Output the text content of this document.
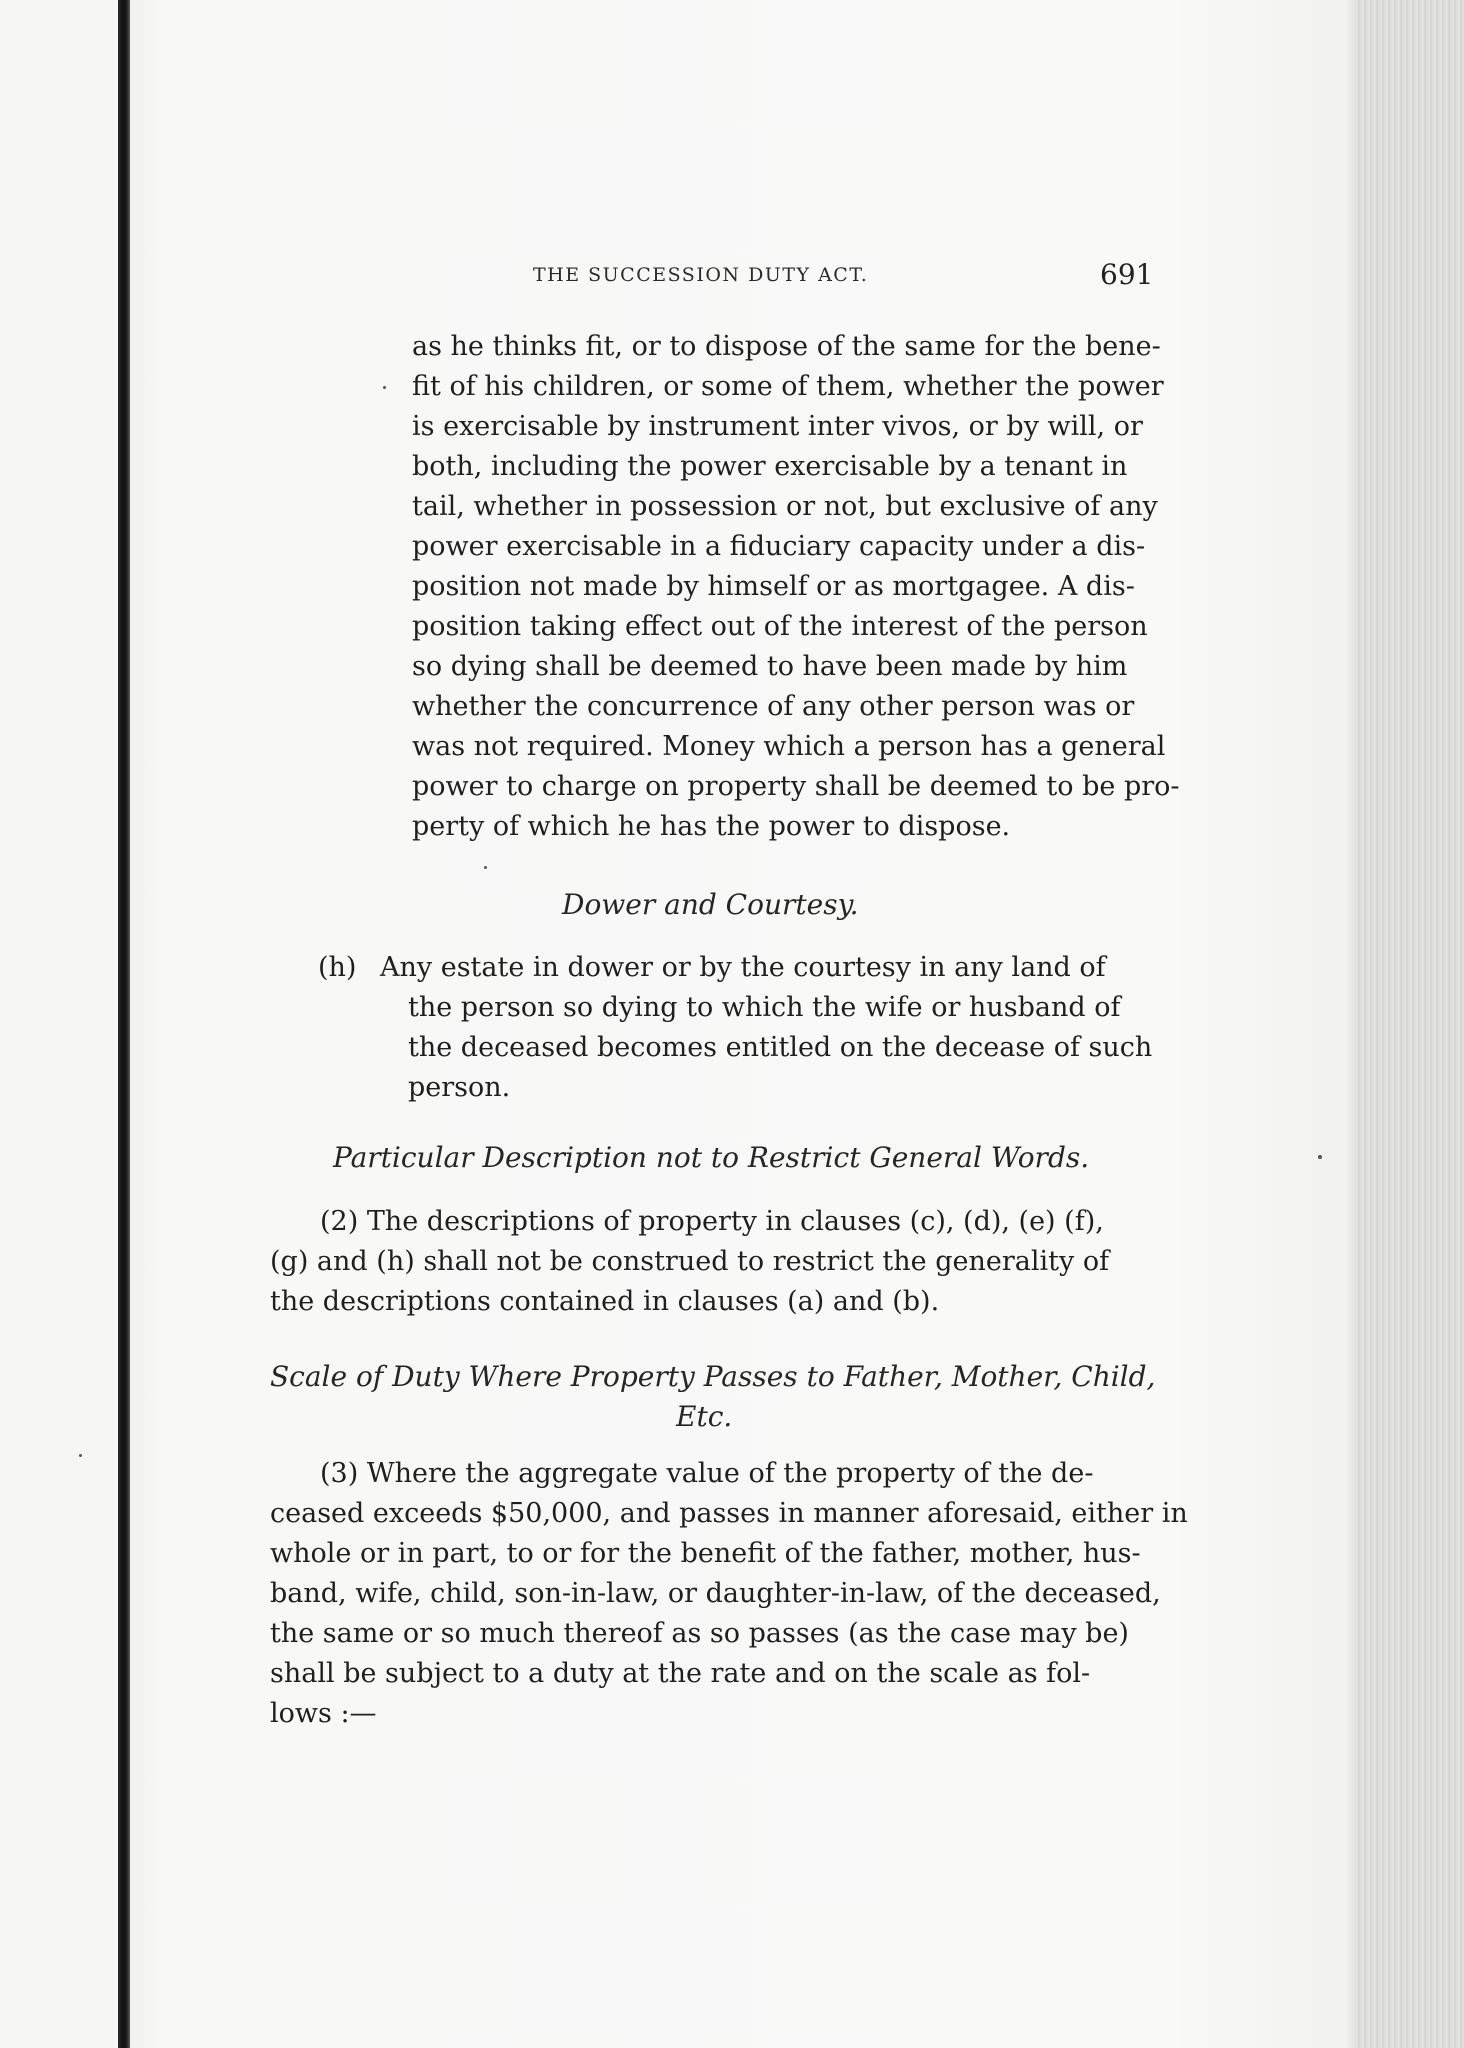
THE SUCCESSION DUTY ACT.	691
as he thinks fit, or to dispose of the same for the bene-
fit of his children, or some of them, whether the power
is exercisable by instrument inter vivos, or by will, or
both, including the power exercisable by a tenant in
tail, whether in possession or not, but exclusive of any
power exercisable in a fiduciary capacity under a dis-
position not made by himself or as mortgagee. A dis-
position taking effect out of the interest of the person
so dying shall be deemed to have been made by him
whether the concurrence of any other person was or
was not required. Money which a person has a general
power to charge on property shall be deemed to be pro-
perty of which he has the power to dispose.
Dower and Courtesy.
(h) Any estate in dower or by the courtesy in any land of
the person so dying to which the wife or husband of
the deceased becomes entitled on the decease of such
person.
Particular Description not to Restrict General Words.
(2) The descriptions of property in clauses (c), (d), (e) (f),
(g) and (h) shall not be construed to restrict the generality of
the descriptions contained in clauses (a) and (b).
Scale of Duty Where Property Passes to Father, Mother, Child,
Etc.
(3) Where the aggregate value of the property of the de-
ceased exceeds $50,000, and passes in manner aforesaid, either in
whole or in part, to or for the benefit of the father, mother, hus-
band, wife, child, son-in-law, or daughter-in-law, of the deceased,
the same or so much thereof as so passes (as the case may be)
shall be subject to a duty at the rate and on the scale as fol-
lows :—
